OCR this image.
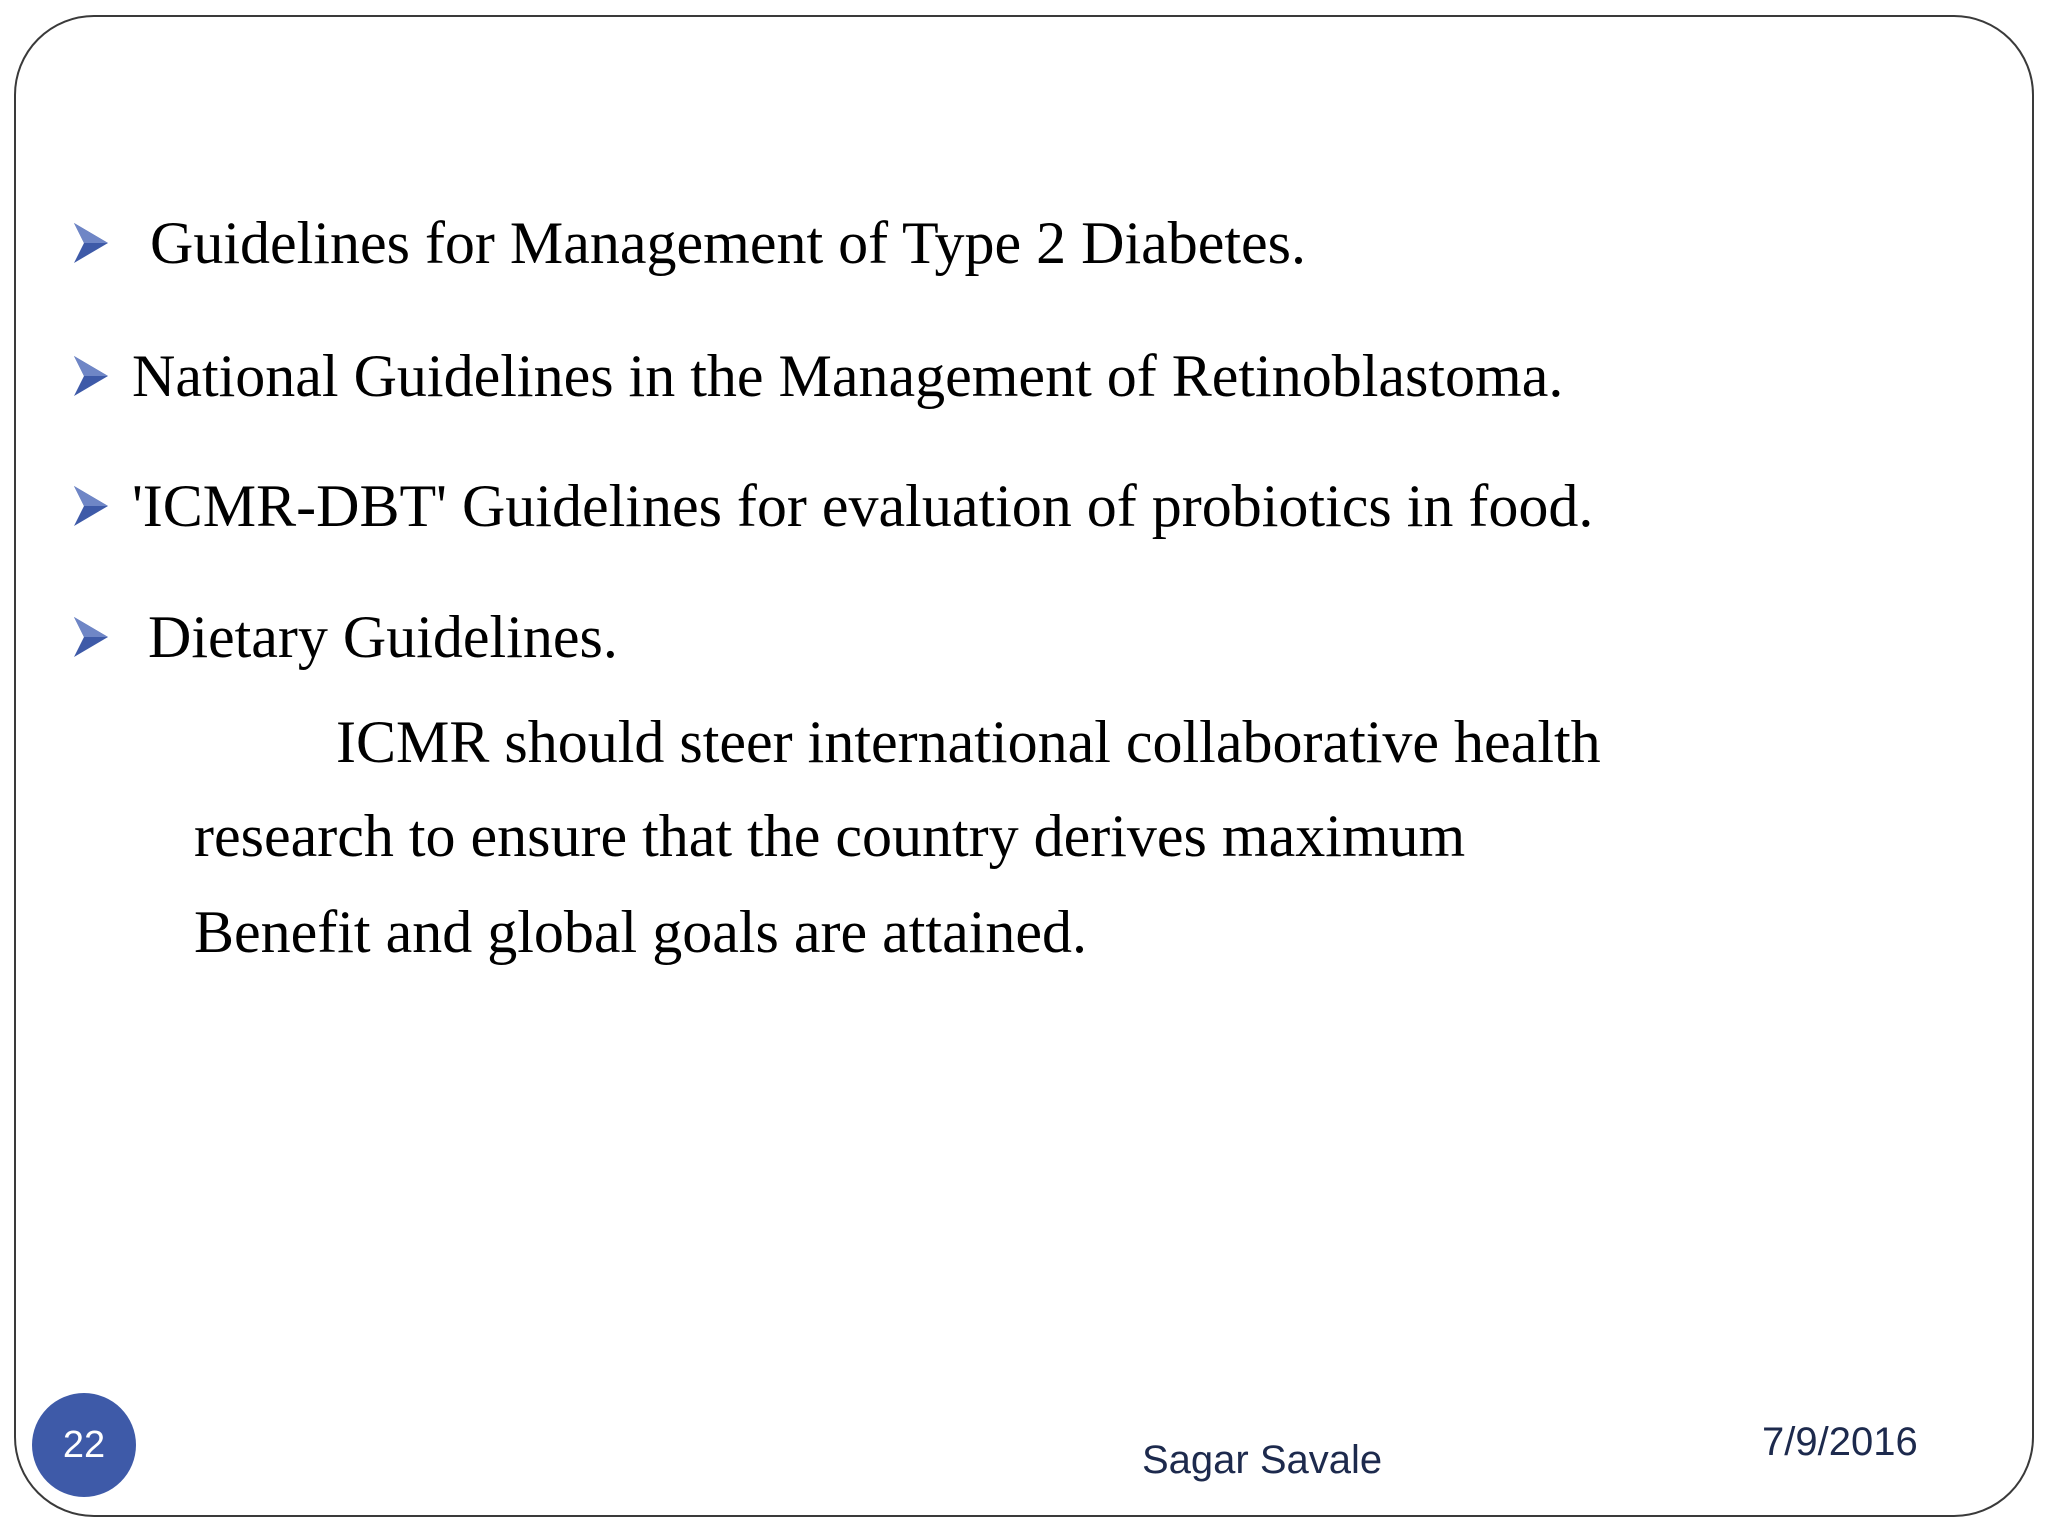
Guidelines for Management of Type 2 Diabetes.
National Guidelines in the Management of Retinoblastoma.
'ICMR-DBT' Guidelines for evaluation of probiotics in food.
Dietary Guidelines.
ICMR should steer international collaborative health
research to ensure that the country derives maximum
Benefit and global goals are attained.
22	Sagar Savale	7/9/2016
